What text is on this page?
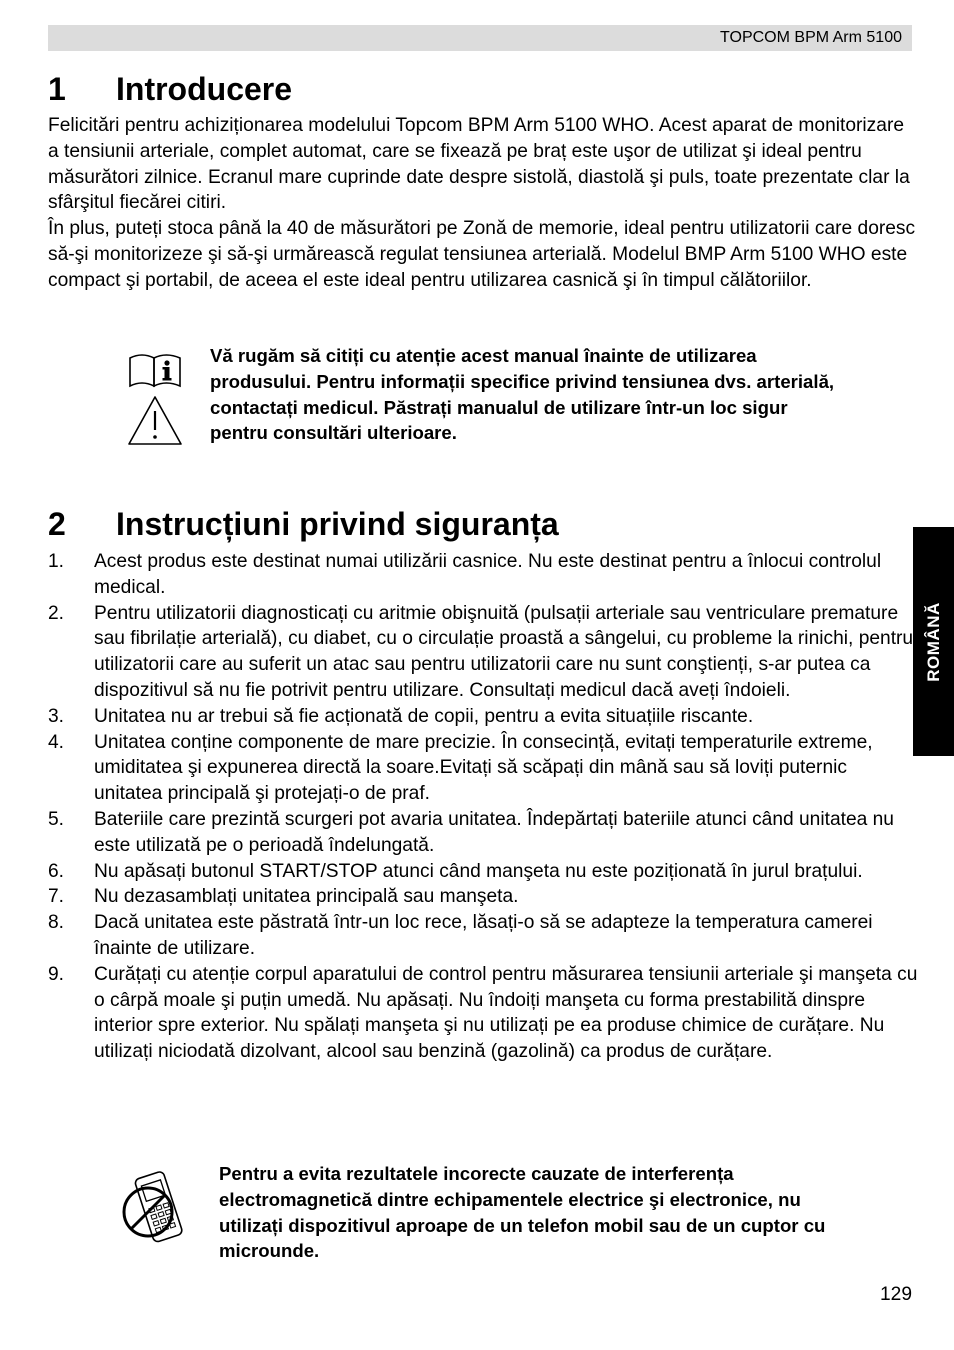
TOPCOM BPM Arm 5100
1 Introducere

Felicitări pentru achiziționarea modelului Topcom BPM Arm 5100 WHO. Acest aparat de monitorizare a tensiunii arteriale, complet automat, care se fixează pe braț este uşor de utilizat şi ideal pentru măsurători zilnice. Ecranul mare cuprinde date despre sistolă, diastolă şi puls, toate prezentate clar la sfârşitul fiecărei citiri.

În plus, puteți stoca până la 40 de măsurători pe Zonă de memorie, ideal pentru utilizatorii care doresc să-şi monitorizeze şi să-şi urmărească regulat tensiunea arterială. Modelul BMP Arm 5100 WHO este compact şi portabil, de aceea el este ideal pentru utilizarea casnică şi în timpul călătoriilor.

Vă rugăm să citiți cu atenție acest manual înainte de utilizarea produsului. Pentru informații specifice privind tensiunea dvs. arterială, contactați medicul. Păstrați manualul de utilizare într-un loc sigur pentru consultări ulterioare.

2 Instrucțiuni privind siguranța
1. Acest produs este destinat numai utilizării casnice. Nu este destinat pentru a înlocui controlul medical.
2. Pentru utilizatorii diagnosticați cu aritmie obişnuită (pulsații arteriale sau ventriculare premature sau fibrilație arterială), cu diabet, cu o circulație proastă a sângelui, cu probleme la rinichi, pentru utilizatorii care au suferit un atac sau pentru utilizatorii care nu sunt conştienți, s-ar putea ca dispozitivul să nu fie potrivit pentru utilizare. Consultați medicul dacă aveți îndoieli.
3. Unitatea nu ar trebui să fie acționată de copii, pentru a evita situațiile riscante.
4. Unitatea conține componente de mare precizie. În consecință, evitați temperaturile extreme, umiditatea şi expunerea directă la soare.Evitați să scăpați din mână sau să loviți puternic unitatea principală şi protejați-o de praf.
5. Bateriile care prezintă scurgeri pot avaria unitatea. Îndepărtați bateriile atunci când unitatea nu este utilizată pe o perioadă îndelungată.
6. Nu apăsați butonul START/STOP atunci când manşeta nu este poziționată în jurul brațului.
7. Nu dezasamblați unitatea principală sau manşeta.
8. Dacă unitatea este păstrată într-un loc rece, lăsați-o să se adapteze la temperatura camerei înainte de utilizare.
9. Curățați cu atenție corpul aparatului de control pentru măsurarea tensiunii arteriale şi manşeta cu o cârpă moale şi puțin umedă. Nu apăsați. Nu îndoiți manşeta cu forma prestabilită dinspre interior spre exterior. Nu spălați manşeta şi nu utilizați pe ea produse chimice de curățare. Nu utilizați niciodată dizolvant, alcool sau benzină (gazolină) ca produs de curățare.

Pentru a evita rezultatele incorecte cauzate de interferența electromagnetică dintre echipamentele electrice şi electronice, nu utilizați dispozitivul aproape de un telefon mobil sau de un cuptor cu microunde.

ROMÂNĂ
129
